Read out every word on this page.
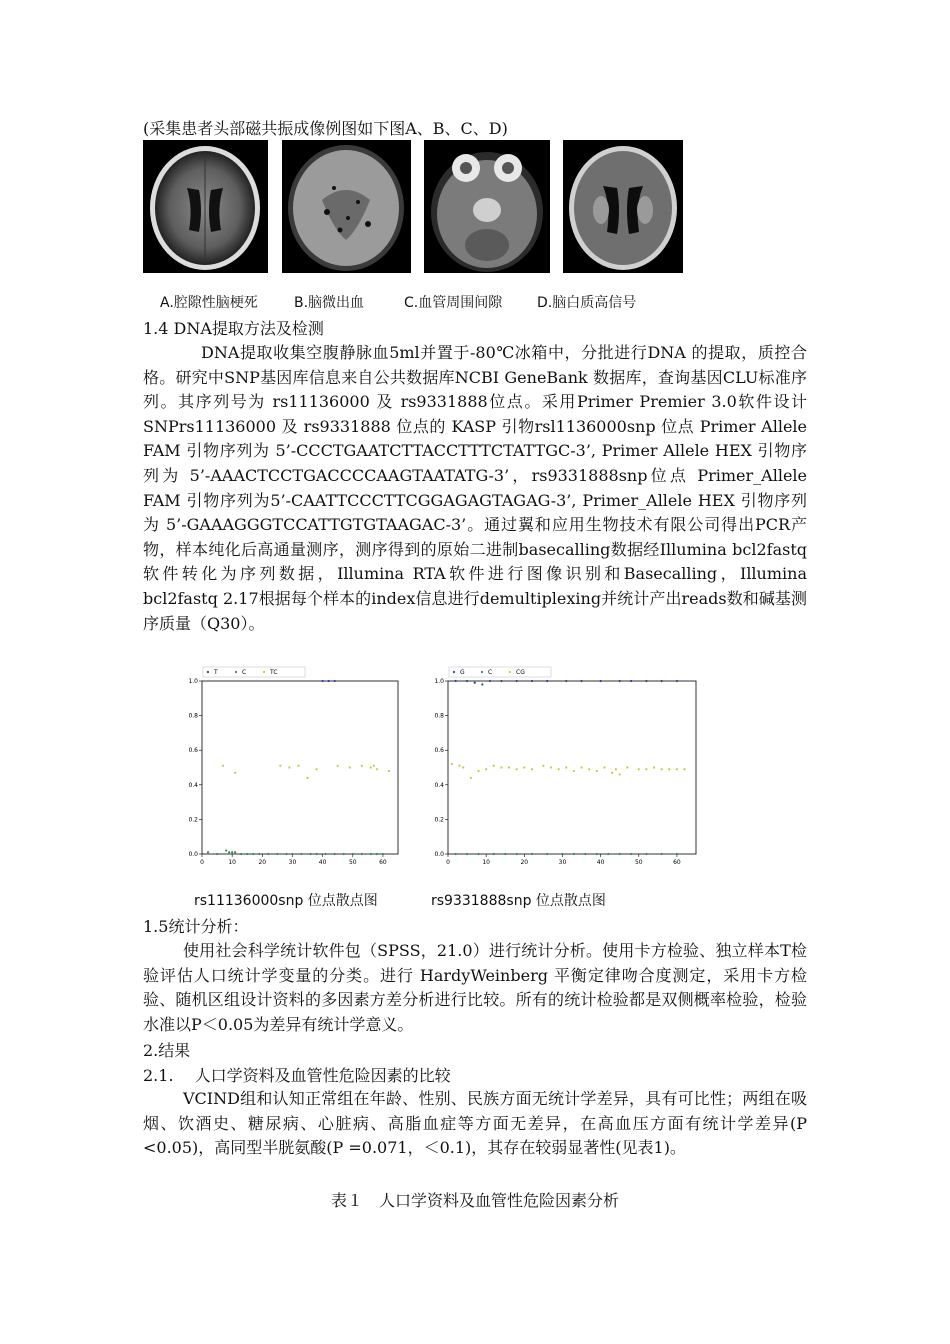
(采集患者头部磁共振成像例图如下图A、B、C、D)
A.腔隙性脑梗死	B.脑微出血	C.血管周围间隙 D.脑白质高信号
1.4 DNA提取方法及检测
DNA提取收集空腹静脉血5ml并置于-80℃冰箱中，分批进行DNA 的提取，质控合格。研究中SNP基因库信息来自公共数据库NCBI GeneBank 数据库，查询基因CLU标准序列。其序列号为 rs11136000 及 rs9331888位点。采用Primer Premier 3.0软件设计 SNPrs11136000 及 rs9331888 位点的 KASP 引物rsl1136000snp 位点 Primer Allele FAM 引物序列为 5’-CCCTGAATCTTACCTTTCTATTGC-3’, Primer Allele HEX 引物序列为 5’-AAACTCCTGACCCCAAGTAATATG-3’，rs9331888snp位点 Primer_Allele FAM 引物序列为5’-CAATTCCCTTCGGAGAGTAGAG-3’, Primer_Allele HEX 引物序列为 5’-GAAAGGGTCCATTGTGTAAGAC-3’。通过翼和应用生物技术有限公司得出PCR产物，样本纯化后高通量测序，测序得到的原始二进制basecalling数据经Illumina bcl2fastq软件转化为序列数据，Illumina RTA软件进行图像识别和Basecalling，Illumina bcl2fastq 2.17根据每个样本的index信息进行demultiplexing并统计产出reads数和碱基测序质量（Q30）。
0.0
0.2
0.4
0.6
0.8
1.0
0	10	20	30	40	50	60
T	C	TC
0.0
0.2
0.4
0.6
0.8
1.0
0	10	20	30	40	50	60
G	C	CG
rs11136000snp 位点散点图	rs9331888snp 位点散点图
1.5统计分析：
使用社会科学统计软件包（SPSS，21.0）进行统计分析。使用卡方检验、独立样本T检验评估人口统计学变量的分类。进行 HardyWeinberg 平衡定律吻合度测定，采用卡方检验、随机区组设计资料的多因素方差分析进行比较。所有的统计检验都是双侧概率检验，检验水准以P＜0.05为差异有统计学意义。
2.结果
2.1.　 人口学资料及血管性危险因素的比较
VCIND组和认知正常组在年龄、性别、民族方面无统计学差异，具有可比性；两组在吸烟、饮酒史、糖尿病、心脏病、高脂血症等方面无差异，在高血压方面有统计学差异(P <0.05)，高同型半胱氨酸(P =0.071，＜0.1)，其存在较弱显著性(见表1)。
表１　人口学资料及血管性危险因素分析
